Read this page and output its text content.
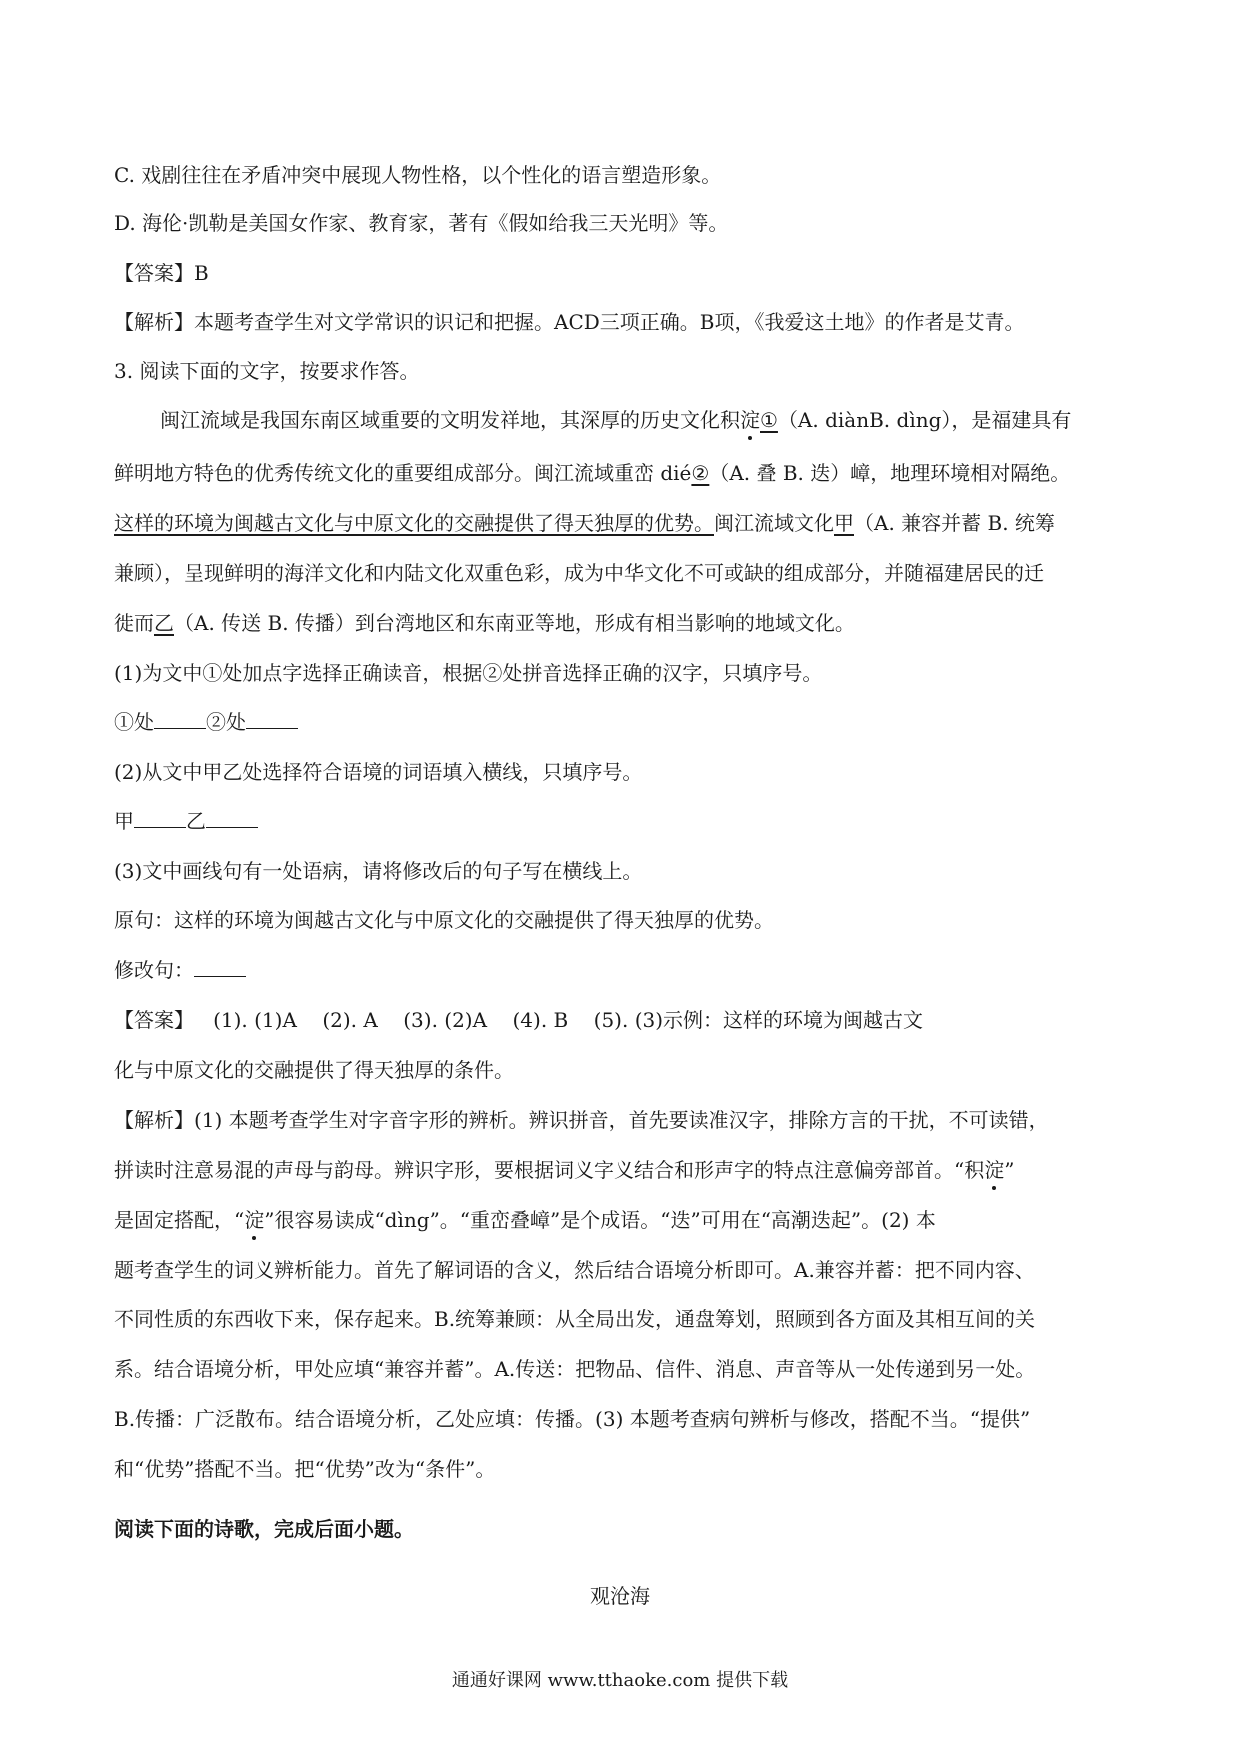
C. 戏剧往往在矛盾冲突中展现人物性格，以个性化的语言塑造形象。
D. 海伦·凯勒是美国女作家、教育家，著有《假如给我三天光明》等。
【答案】B
【解析】本题考查学生对文学常识的识记和把握。ACD三项正确。B项，《我爱这土地》的作者是艾青。
3. 阅读下面的文字，按要求作答。
闽江流域是我国东南区域重要的文明发祥地，其深厚的历史文化积淀①（A. diànB. dìng），是福建具有
鲜明地方特色的优秀传统文化的重要组成部分。闽江流域重峦 dié②（A. 叠 B. 迭）嶂，地理环境相对隔绝。
这样的环境为闽越古文化与中原文化的交融提供了得天独厚的优势。闽江流域文化甲（A. 兼容并蓄 B. 统筹
兼顾），呈现鲜明的海洋文化和内陆文化双重色彩，成为中华文化不可或缺的组成部分，并随福建居民的迁
徙而乙（A. 传送 B. 传播）到台湾地区和东南亚等地，形成有相当影响的地域文化。
(1)为文中①处加点字选择正确读音，根据②处拼音选择正确的汉字，只填序号。
①处	②处
(2)从文中甲乙处选择符合语境的词语填入横线，只填序号。
甲	乙
(3)文中画线句有一处语病，请将修改后的句子写在横线上。
原句：这样的环境为闽越古文化与中原文化的交融提供了得天独厚的优势。
修改句：
【答案】   (1). (1)A    (2). A    (3). (2)A    (4). B    (5). (3)示例：这样的环境为闽越古文
化与中原文化的交融提供了得天独厚的条件。
【解析】(1) 本题考查学生对字音字形的辨析。辨识拼音，首先要读准汉字，排除方言的干扰，不可读错，
拼读时注意易混的声母与韵母。辨识字形，要根据词义字义结合和形声字的特点注意偏旁部首。“积淀”
是固定搭配，“淀”很容易读成“dìng”。“重峦叠嶂”是个成语。“迭”可用在“高潮迭起”。(2) 本
题考查学生的词义辨析能力。首先了解词语的含义，然后结合语境分析即可。A.兼容并蓄：把不同内容、
不同性质的东西收下来，保存起来。B.统筹兼顾：从全局出发，通盘筹划，照顾到各方面及其相互间的关
系。结合语境分析，甲处应填“兼容并蓄”。A.传送：把物品、信件、消息、声音等从一处传递到另一处。
B.传播：广泛散布。结合语境分析，乙处应填：传播。(3) 本题考查病句辨析与修改，搭配不当。“提供”
和“优势”搭配不当。把“优势”改为“条件”。
阅读下面的诗歌，完成后面小题。
观沧海
通通好课网 www.tthaoke.com 提供下载
